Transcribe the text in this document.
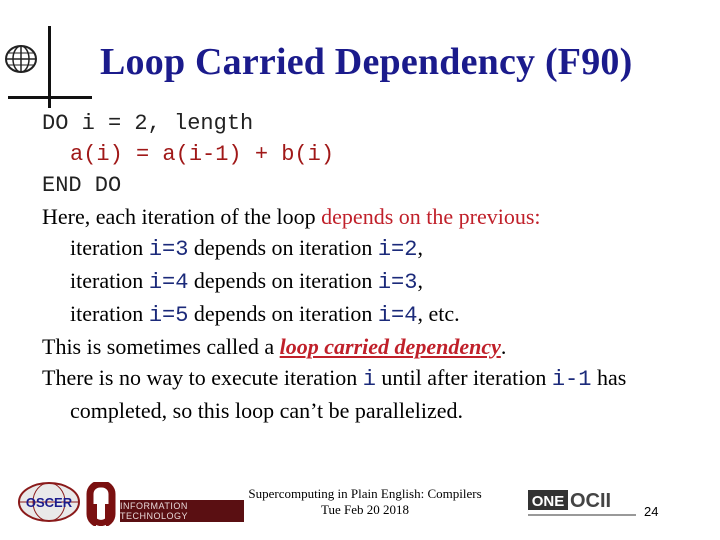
Loop Carried Dependency (F90)
DO i = 2, length
a(i) = a(i-1) + b(i)
END DO
Here, each iteration of the loop depends on the previous:
iteration i=3 depends on iteration i=2,
iteration i=4 depends on iteration i=3,
iteration i=5 depends on iteration i=4, etc.
This is sometimes called a loop carried dependency.
There is no way to execute iteration i until after iteration i-1 has completed, so this loop can’t be parallelized.
OSCER	INFORMATION TECHNOLOGY
ONE OCII
Supercomputing in Plain English: Compilers
Tue Feb 20 2018	24
